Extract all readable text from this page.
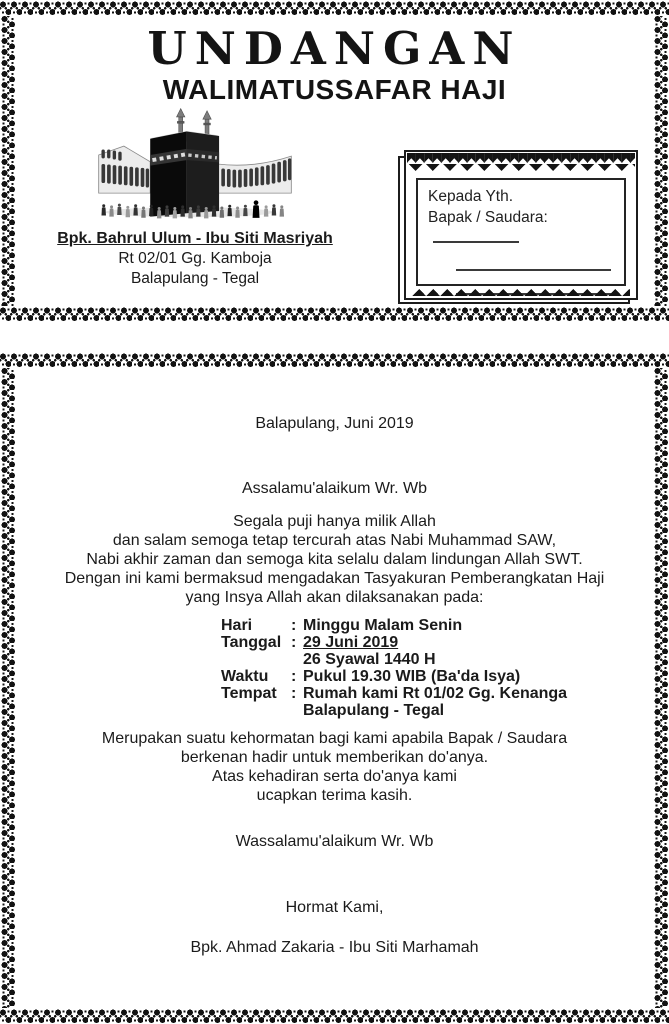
UNDANGAN
WALIMATUSSAFAR HAJI
Bpk. Bahrul Ulum - Ibu Siti Masriyah
Rt 02/01 Gg. Kamboja
Balapulang - Tegal
Kepada Yth.
Bapak / Saudara:
Balapulang, Juni 2019
Assalamu'alaikum Wr. Wb
Segala puji hanya milik Allah
dan salam semoga tetap tercurah atas Nabi Muhammad SAW,
Nabi akhir zaman dan semoga kita selalu dalam lindungan Allah SWT.
Dengan ini kami bermaksud mengadakan Tasyakuran Pemberangkatan Haji
yang Insya Allah akan dilaksanakan pada:
Hari : Minggu Malam Senin
Tanggal : 29 Juni 2019
26 Syawal 1440 H
Waktu : Pukul 19.30 WIB (Ba'da Isya)
Tempat : Rumah kami Rt 01/02 Gg. Kenanga
Balapulang - Tegal
Merupakan suatu kehormatan bagi kami apabila Bapak / Saudara
berkenan hadir untuk memberikan do'anya.
Atas kehadiran serta do'anya kami
ucapkan terima kasih.
Wassalamu'alaikum Wr. Wb
Hormat Kami,
Bpk. Ahmad Zakaria - Ibu Siti Marhamah
